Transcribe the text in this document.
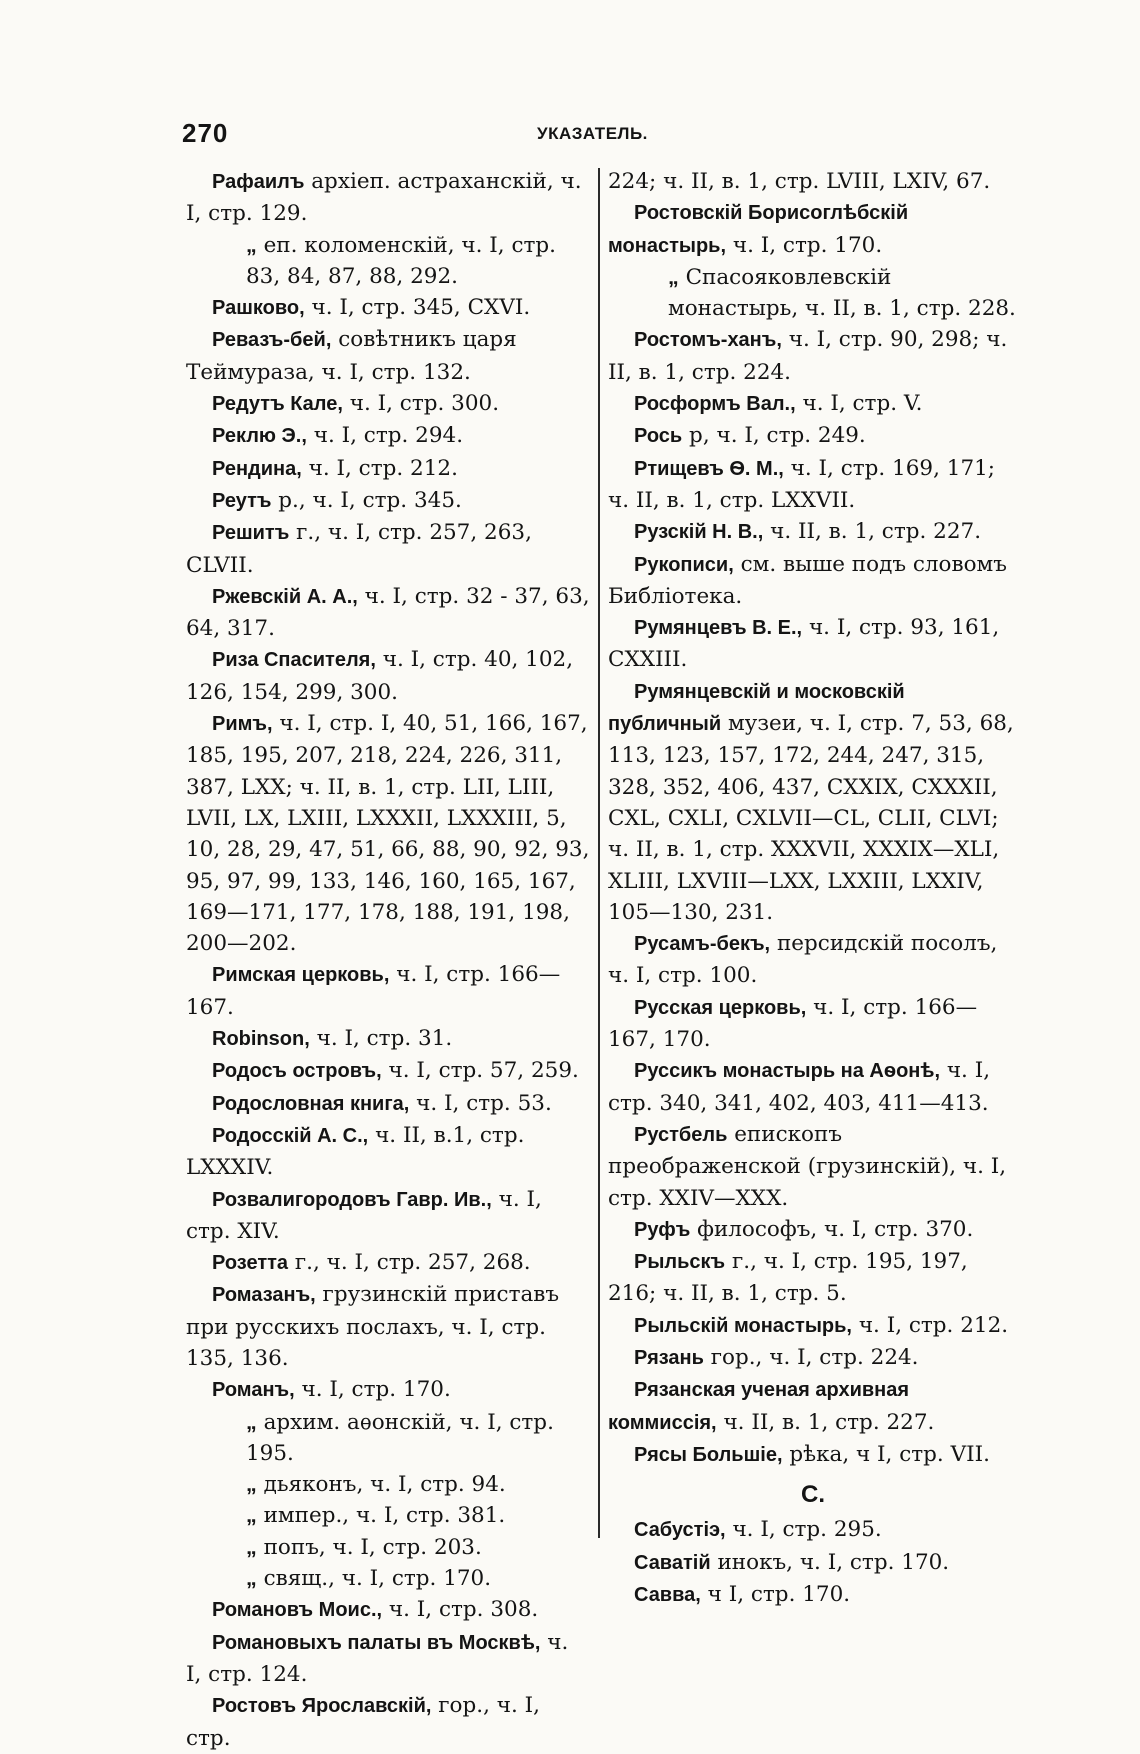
270	УКАЗАТЕЛЬ.
Рафаилъ архіеп. астраханскій, ч. I, стр. 129.
„ еп. коломенскій, ч. I, стр. 83, 84, 87, 88, 292.
Рашково, ч. I, стр. 345, CXVI.
Ревазъ-бей, совѣтникъ царя Теймураза, ч. I, стр. 132.
Редутъ Кале, ч. I, стр. 300.
Реклю Э., ч. I, стр. 294.
Рендина, ч. I, стр. 212.
Реутъ р., ч. I, стр. 345.
Решитъ г., ч. I, стр. 257, 263, CLVII.
Ржевскій А. А., ч. I, стр. 32 - 37, 63, 64, 317.
Риза Спасителя, ч. I, стр. 40, 102, 126, 154, 299, 300.
Римъ, ч. I, стр. I, 40, 51, 166, 167, 185, 195, 207, 218, 224, 226, 311, 387, LXX; ч. II, в. 1, стр. LII, LIII, LVII, LX, LXIII, LXXXII, LXXXIII, 5, 10, 28, 29, 47, 51, 66, 88, 90, 92, 93, 95, 97, 99, 133, 146, 160, 165, 167, 169—171, 177, 178, 188, 191, 198, 200—202.
Римская церковь, ч. I, стр. 166—167.
Robinson, ч. I, стр. 31.
Родосъ островъ, ч. I, стр. 57, 259.
Родословная книга, ч. I, стр. 53.
Родосскій А. С., ч. II, в.1, стр. LXXXIV.
Розвалигородовъ Гавр. Ив., ч. I, стр. XIV.
Розетта г., ч. I, стр. 257, 268.
Ромазанъ, грузинскій приставъ при русскихъ послахъ, ч. I, стр. 135, 136.
Романъ, ч. I, стр. 170.
„ архим. аѳонскій, ч. I, стр. 195.
„ дьяконъ, ч. I, стр. 94.
„ импер., ч. I, стр. 381.
„ попъ, ч. I, стр. 203.
„ свящ., ч. I, стр. 170.
Романовъ Моис., ч. I, стр. 308.
Романовыхъ палаты въ Москвѣ, ч. I, стр. 124.
Ростовъ Ярославскій, гор., ч. I, стр.
224; ч. II, в. 1, стр. LVIII, LXIV, 67.
Ростовскій Борисоглѣбскій монастырь, ч. I, стр. 170.
„ Спасояковлевскій монастырь, ч. II, в. 1, стр. 228.
Ростомъ-ханъ, ч. I, стр. 90, 298; ч. II, в. 1, стр. 224.
Росформъ Вал., ч. I, стр. V.
Рось р, ч. I, стр. 249.
Ртищевъ Ѳ. М., ч. I, стр. 169, 171; ч. II, в. 1, стр. LXXVII.
Рузскій Н. В., ч. II, в. 1, стр. 227.
Рукописи, см. выше подъ словомъ Библіотека.
Румянцевъ В. Е., ч. I, стр. 93, 161, CXXIII.
Румянцевскій и московскій публичный музеи, ч. I, стр. 7, 53, 68, 113, 123, 157, 172, 244, 247, 315, 328, 352, 406, 437, CXXIX, CXXXII, CXL, CXLI, CXLVII—CL, CLII, CLVI; ч. II, в. 1, стр. XXXVII, XXXIX—XLI, XLIII, LXVIII—LXX, LXXIII, LXXIV, 105—130, 231.
Русамъ-бекъ, персидскій посолъ, ч. I, стр. 100.
Русская церковь, ч. I, стр. 166—167, 170.
Руссикъ монастырь на Аѳонѣ, ч. I, стр. 340, 341, 402, 403, 411—413.
Рустбель епископъ преображенской (грузинскій), ч. I, стр. XXIV—XXX.
Руфъ философъ, ч. I, стр. 370.
Рыльскъ г., ч. I, стр. 195, 197, 216; ч. II, в. 1, стр. 5.
Рыльскій монастырь, ч. I, стр. 212.
Рязань гор., ч. I, стр. 224.
Рязанская ученая архивная коммиссія, ч. II, в. 1, стр. 227.
Рясы Большіе, рѣка, ч I, стр. VII.
С.
Сабустіэ, ч. I, стр. 295.
Саватій инокъ, ч. I, стр. 170.
Савва, ч I, стр. 170.
